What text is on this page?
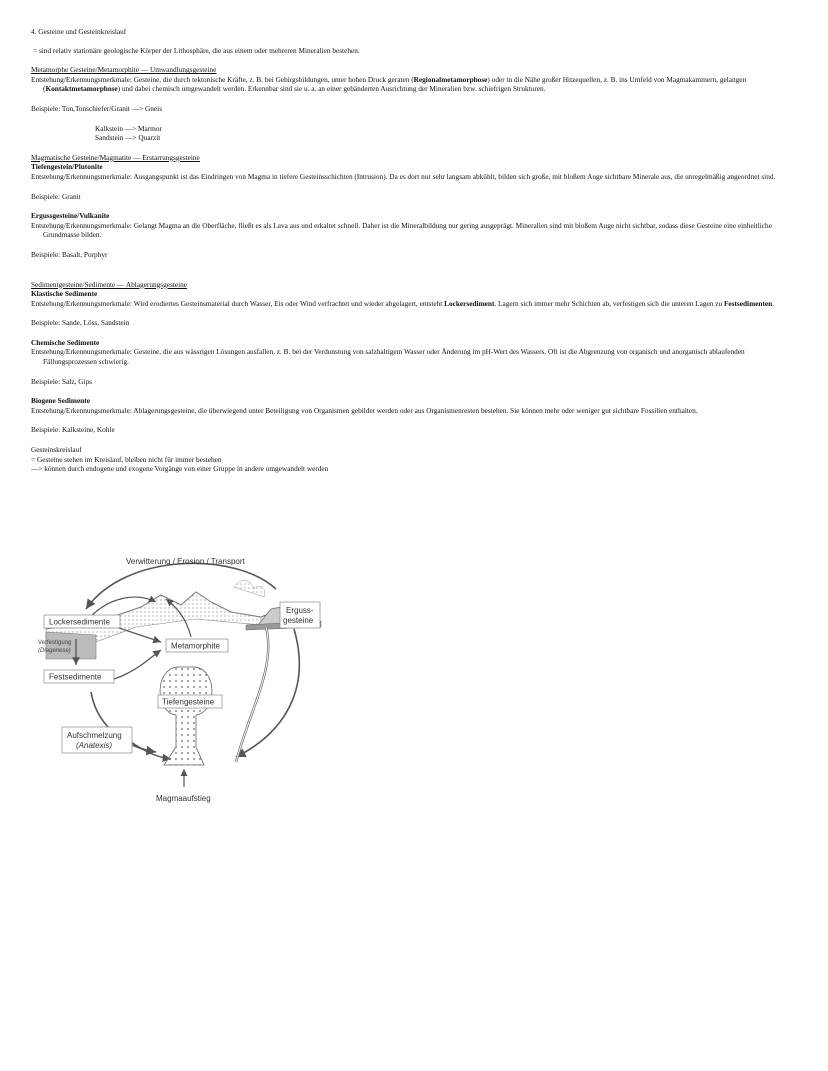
4. Gesteine und Gesteinkreislauf
= sind relativ stationäre geologische Körper der Lithosphäre, die aus einem oder mehreren Mineralien bestehen.
Metamorphe Gesteine/Metamorphite — Umwandlungsgesteine

Entstehung/Erkennungsmerkmale: Gesteine, die durch tektonische Kräfte, z. B. bei Gebirgsbildungen, unter hohen Druck geraten (Regionalmetamorphose) oder in die Nähe großer Hitzequellen, z. B. ins Umfeld von Magmakammern, gelangen (Kontaktmetamorphose) und dabei chemisch umgewandelt werden. Erkennbar sind sie u. a. an einer gebänderten Ausrichtung der Mineralien bzw. schiefrigen Strukturen.

Beispiele: Ton,Tonschiefer/Granit —> Gneis
Kalkstein —> Marmor
Sandstein —> Quarzit
Magmatische Gesteine/Magmatite — Erstarrungsgesteine
Tiefengestein/Plutonite

Entstehung/Erkennungsmerkmale: Ausgangspunkt ist das Eindringen von Magma in tiefere Gesteinsschichten (Intrusion). Da es dort nur sehr langsam abkühlt, bilden sich große, mit bloßem Auge sichtbare Minerale aus, die unregelmäßig angeordnet sind.

Beispiele: Granit
Ergussgesteine/Vulkanite

Entstehung/Erkennungsmerkmale: Gelangt Magma an die Oberfläche, fließt es als Lava aus und erkaltet schnell. Daher ist die Mineralbildung nur gering ausgeprägt. Mineralien sind mit bloßem Auge nicht sichtbar, sodass diese Gesteine eine einheitliche Grundmasse bilden.

Beispiele: Basalt, Porphyr
Sedimentgesteine/Sedimente — Ablagerungsgesteine
Klastische Sedimente

Entstehung/Erkennungsmerkmale: Wird erodiertes Gesteinsmaterial durch Wasser, Eis oder Wind verfrachtet und wieder abgelagert, entsteht Lockersediment. Lagern sich immer mehr Schichten ab, verfestigen sich die unteren Lagen zu Festsedimenten.

Beispiele: Sande, Löss, Sandstein
Chemische Sedimente

Entstehung/Erkennungsmerkmale: Gesteine, die aus wässrigen Lösungen ausfallen, z. B. bei der Verdunstung von salzhaltigem Wasser oder Änderung im pH-Wert des Wassers. Oft ist die Abgrenzung von organisch und anorganisch ablaufenden Fällungsprozessen schwierig.

Beispiele: Salz, Gips
Biogene Sedimente

Entstehung/Erkennungsmerkmale: Ablagerungsgesteine, die überwiegend unter Beteiligung von Organismen gebildet werden oder aus Organismenresten bestehen. Sie können mehr oder weniger gut sichtbare Fossilien enthalten.

Beispiele: Kalksteine, Kohle
Gesteinskreislauf
= Gesteine stehen im Kreislauf, bleiben nicht für immer bestehen
—> können durch endogene und exogene Vorgänge von einer Gruppe in andere umgewandelt werden
Lockersedimente
Verfestigung
(Diagenese)
Metamorphite
Erguss-
gesteine
Festsedimente
Tiefengesteine
Aufschmelzung
(Anatexis)
Verwitterung / Erosion / Transport
Magmaaufstieg
